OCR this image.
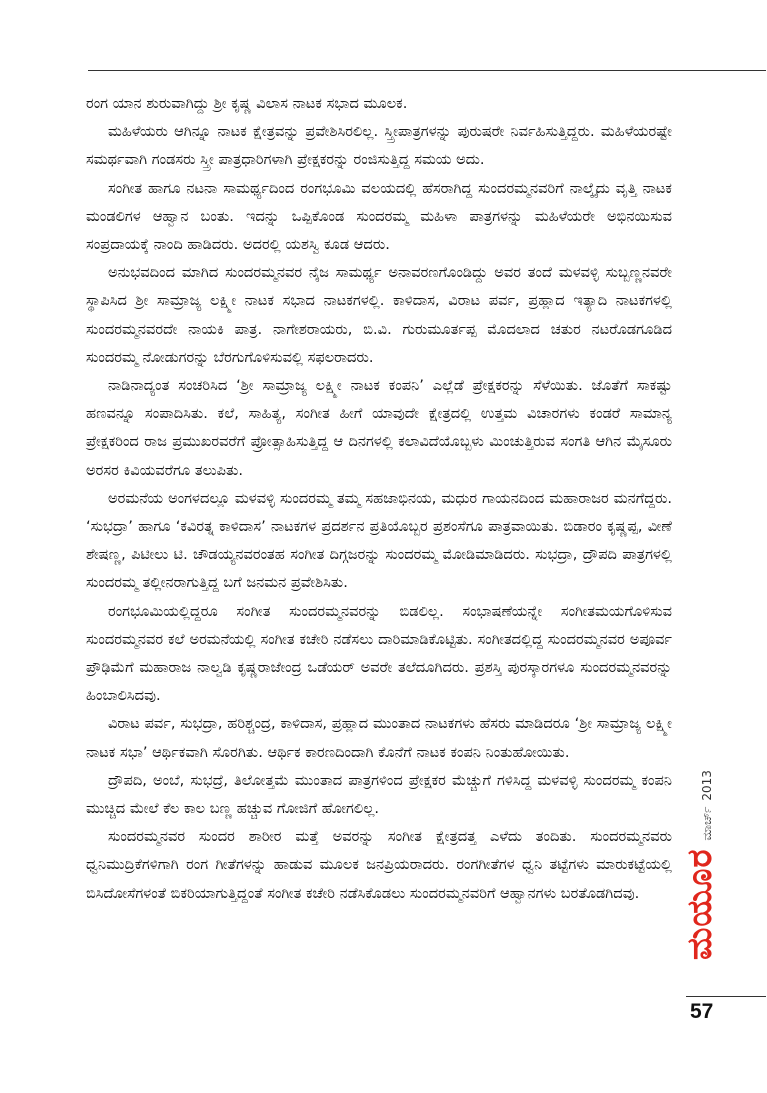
ರಂಗ ಯಾನ ಶುರುವಾಗಿದ್ದು ಶ್ರೀ ಕೃಷ್ಣ ವಿಲಾಸ ನಾಟಕ ಸಭಾದ ಮೂಲಕ.

ಮಹಿಳೆಯರು ಆಗಿನ್ನೂ ನಾಟಕ ಕ್ಷೇತ್ರವನ್ನು ಪ್ರವೇಶಿಸಿರಲಿಲ್ಲ. ಸ್ತ್ರೀಪಾತ್ರಗಳನ್ನು ಪುರುಷರೇ ನಿರ್ವಹಿಸುತ್ತಿದ್ದರು. ಮಹಿಳೆಯರಷ್ಟೇ ಸಮರ್ಥವಾಗಿ ಗಂಡಸರು ಸ್ತ್ರೀ ಪಾತ್ರಧಾರಿಗಳಾಗಿ ಪ್ರೇಕ್ಷಕರನ್ನು ರಂಜಿಸುತ್ತಿದ್ದ ಸಮಯ ಅದು.

ಸಂಗೀತ ಹಾಗೂ ನಟನಾ ಸಾಮರ್ಥ್ಯದಿಂದ ರಂಗಭೂಮಿ ವಲಯದಲ್ಲಿ ಹೆಸರಾಗಿದ್ದ ಸುಂದರಮ್ಮನವರಿಗೆ ನಾಲ್ಕೈದು ವೃತ್ತಿ ನಾಟಕ ಮಂಡಲಿಗಳ ಆಹ್ವಾನ ಬಂತು. ಇದನ್ನು ಒಪ್ಪಿಕೊಂಡ ಸುಂದರಮ್ಮ ಮಹಿಳಾ ಪಾತ್ರಗಳನ್ನು ಮಹಿಳೆಯರೇ ಅಭಿನಯಿಸುವ ಸಂಪ್ರದಾಯಕ್ಕೆ ನಾಂದಿ ಹಾಡಿದರು. ಅದರಲ್ಲಿ ಯಶಸ್ವಿ ಕೂಡ ಆದರು.

ಅನುಭವದಿಂದ ಮಾಗಿದ ಸುಂದರಮ್ಮನವರ ನೈಜ ಸಾಮರ್ಥ್ಯ ಅನಾವರಣಗೊಂಡಿದ್ದು ಅವರ ತಂದೆ ಮಳವಳ್ಳಿ ಸುಬ್ಬಣ್ಣನವರೇ ಸ್ಥಾಪಿಸಿದ ಶ್ರೀ ಸಾಮ್ರಾಜ್ಯ ಲಕ್ಷ್ಮೀ ನಾಟಕ ಸಭಾದ ನಾಟಕಗಳಲ್ಲಿ. ಕಾಳಿದಾಸ, ವಿರಾಟ ಪರ್ವ, ಪ್ರಹ್ಲಾದ ಇತ್ಯಾದಿ ನಾಟಕಗಳಲ್ಲಿ ಸುಂದರಮ್ಮನವರದೇ ನಾಯಕಿ ಪಾತ್ರ. ನಾಗೇಶರಾಯರು, ಬಿ.ವಿ. ಗುರುಮೂರ್ತಪ್ಪ ಮೊದಲಾದ ಚತುರ ನಟರೊಡಗೂಡಿದ ಸುಂದರಮ್ಮ ನೋಡುಗರನ್ನು ಬೆರಗುಗೊಳಿಸುವಲ್ಲಿ ಸಫಲರಾದರು.

ನಾಡಿನಾದ್ಯಂತ ಸಂಚರಿಸಿದ ‘ಶ್ರೀ ಸಾಮ್ರಾಜ್ಯ ಲಕ್ಷ್ಮೀ ನಾಟಕ ಕಂಪನಿ’ ಎಲ್ಲೆಡೆ ಪ್ರೇಕ್ಷಕರನ್ನು ಸೆಳೆಯಿತು. ಜೊತೆಗೆ ಸಾಕಷ್ಟು ಹಣವನ್ನೂ ಸಂಪಾದಿಸಿತು. ಕಲೆ, ಸಾಹಿತ್ಯ, ಸಂಗೀತ ಹೀಗೆ ಯಾವುದೇ ಕ್ಷೇತ್ರದಲ್ಲಿ ಉತ್ತಮ ವಿಚಾರಗಳು ಕಂಡರೆ ಸಾಮಾನ್ಯ ಪ್ರೇಕ್ಷಕರಿಂದ ರಾಜ ಪ್ರಮುಖರವರೆಗೆ ಪ್ರೋತ್ಸಾಹಿಸುತ್ತಿದ್ದ ಆ ದಿನಗಳಲ್ಲಿ ಕಲಾವಿದೆಯೊಬ್ಬಳು ಮಿಂಚುತ್ತಿರುವ ಸಂಗತಿ ಆಗಿನ ಮೈಸೂರು ಅರಸರ ಕಿವಿಯವರೆಗೂ ತಲುಪಿತು.

ಅರಮನೆಯ ಅಂಗಳದಲ್ಲೂ ಮಳವಳ್ಳಿ ಸುಂದರಮ್ಮ ತಮ್ಮ ಸಹಜಾಭಿನಯ, ಮಧುರ ಗಾಯನದಿಂದ ಮಹಾರಾಜರ ಮನಗೆದ್ದರು. ‘ಸುಭದ್ರಾ’ ಹಾಗೂ ‘ಕವಿರತ್ನ ಕಾಳಿದಾಸ’ ನಾಟಕಗಳ ಪ್ರದರ್ಶನ ಪ್ರತಿಯೊಬ್ಬರ ಪ್ರಶಂಸೆಗೂ ಪಾತ್ರವಾಯಿತು. ಬಿಡಾರಂ ಕೃಷ್ಣಪ್ಪ, ವೀಣೆ ಶೇಷಣ್ಣ, ಪಿಟೀಲು ಟಿ. ಚೌಡಯ್ಯನವರಂತಹ ಸಂಗೀತ ದಿಗ್ಗಜರನ್ನು ಸುಂದರಮ್ಮ ಮೋಡಿಮಾಡಿದರು. ಸುಭದ್ರಾ, ದ್ರೌಪದಿ ಪಾತ್ರಗಳಲ್ಲಿ ಸುಂದರಮ್ಮ ತಲ್ಲೀನರಾಗುತ್ತಿದ್ದ ಬಗೆ ಜನಮನ ಪ್ರವೇಶಿಸಿತು.

ರಂಗಭೂಮಿಯಲ್ಲಿದ್ದರೂ ಸಂಗೀತ ಸುಂದರಮ್ಮನವರನ್ನು ಬಿಡಲಿಲ್ಲ. ಸಂಭಾಷಣೆಯನ್ನೇ ಸಂಗೀತಮಯಗೊಳಿಸುವ ಸುಂದರಮ್ಮನವರ ಕಲೆ ಅರಮನೆಯಲ್ಲಿ ಸಂಗೀತ ಕಚೇರಿ ನಡೆಸಲು ದಾರಿಮಾಡಿಕೊಟ್ಟಿತು. ಸಂಗೀತದಲ್ಲಿದ್ದ ಸುಂದರಮ್ಮನವರ ಅಪೂರ್ವ ಪ್ರೌಢಿಮೆಗೆ ಮಹಾರಾಜ ನಾಲ್ವಡಿ ಕೃಷ್ಣರಾಜೇಂದ್ರ ಒಡೆಯರ್ ಅವರೇ ತಲೆದೂಗಿದರು. ಪ್ರಶಸ್ತಿ ಪುರಸ್ಕಾರಗಳೂ ಸುಂದರಮ್ಮನವರನ್ನು ಹಿಂಬಾಲಿಸಿದವು.

ವಿರಾಟ ಪರ್ವ, ಸುಭದ್ರಾ, ಹರಿಶ್ಚಂದ್ರ, ಕಾಳಿದಾಸ, ಪ್ರಹ್ಲಾದ ಮುಂತಾದ ನಾಟಕಗಳು ಹೆಸರು ಮಾಡಿದರೂ ‘ಶ್ರೀ ಸಾಮ್ರಾಜ್ಯ ಲಕ್ಷ್ಮೀ ನಾಟಕ ಸಭಾ’ ಆರ್ಥಿಕವಾಗಿ ಸೊರಗಿತು. ಆರ್ಥಿಕ ಕಾರಣದಿಂದಾಗಿ ಕೊನೆಗೆ ನಾಟಕ ಕಂಪನಿ ನಿಂತುಹೋಯಿತು.

ದ್ರೌಪದಿ, ಅಂಬೆ, ಸುಭದ್ರೆ, ತಿಲೋತ್ತಮೆ ಮುಂತಾದ ಪಾತ್ರಗಳಿಂದ ಪ್ರೇಕ್ಷಕರ ಮೆಚ್ಚುಗೆ ಗಳಿಸಿದ್ದ ಮಳವಳ್ಳಿ ಸುಂದರಮ್ಮ ಕಂಪನಿ ಮುಚ್ಚಿದ ಮೇಲೆ ಕೆಲ ಕಾಲ ಬಣ್ಣ ಹಚ್ಚುವ ಗೋಜಿಗೆ ಹೋಗಲಿಲ್ಲ.

ಸುಂದರಮ್ಮನವರ ಸುಂದರ ಶಾರೀರ ಮತ್ತೆ ಅವರನ್ನು ಸಂಗೀತ ಕ್ಷೇತ್ರದತ್ತ ಎಳೆದು ತಂದಿತು. ಸುಂದರಮ್ಮನವರು ಧ್ವನಿಮುದ್ರಿಕೆಗಳಿಗಾಗಿ ರಂಗ ಗೀತೆಗಳನ್ನು ಹಾಡುವ ಮೂಲಕ ಜನಪ್ರಿಯರಾದರು. ರಂಗಗೀತೆಗಳ ಧ್ವನಿ ತಟ್ಟೆಗಳು ಮಾರುಕಟ್ಟೆಯಲ್ಲಿ ಬಿಸಿದೋಸೆಗಳಂತೆ ಬಿಕರಿಯಾಗುತ್ತಿದ್ದಂತೆ ಸಂಗೀತ ಕಚೇರಿ ನಡೆಸಿಕೊಡಲು ಸುಂದರಮ್ಮನವರಿಗೆ ಆಹ್ವಾನಗಳು ಬರತೊಡಗಿದವು.	ಮಯೂರ
ಮಾರ್ಚ್
2013
57
